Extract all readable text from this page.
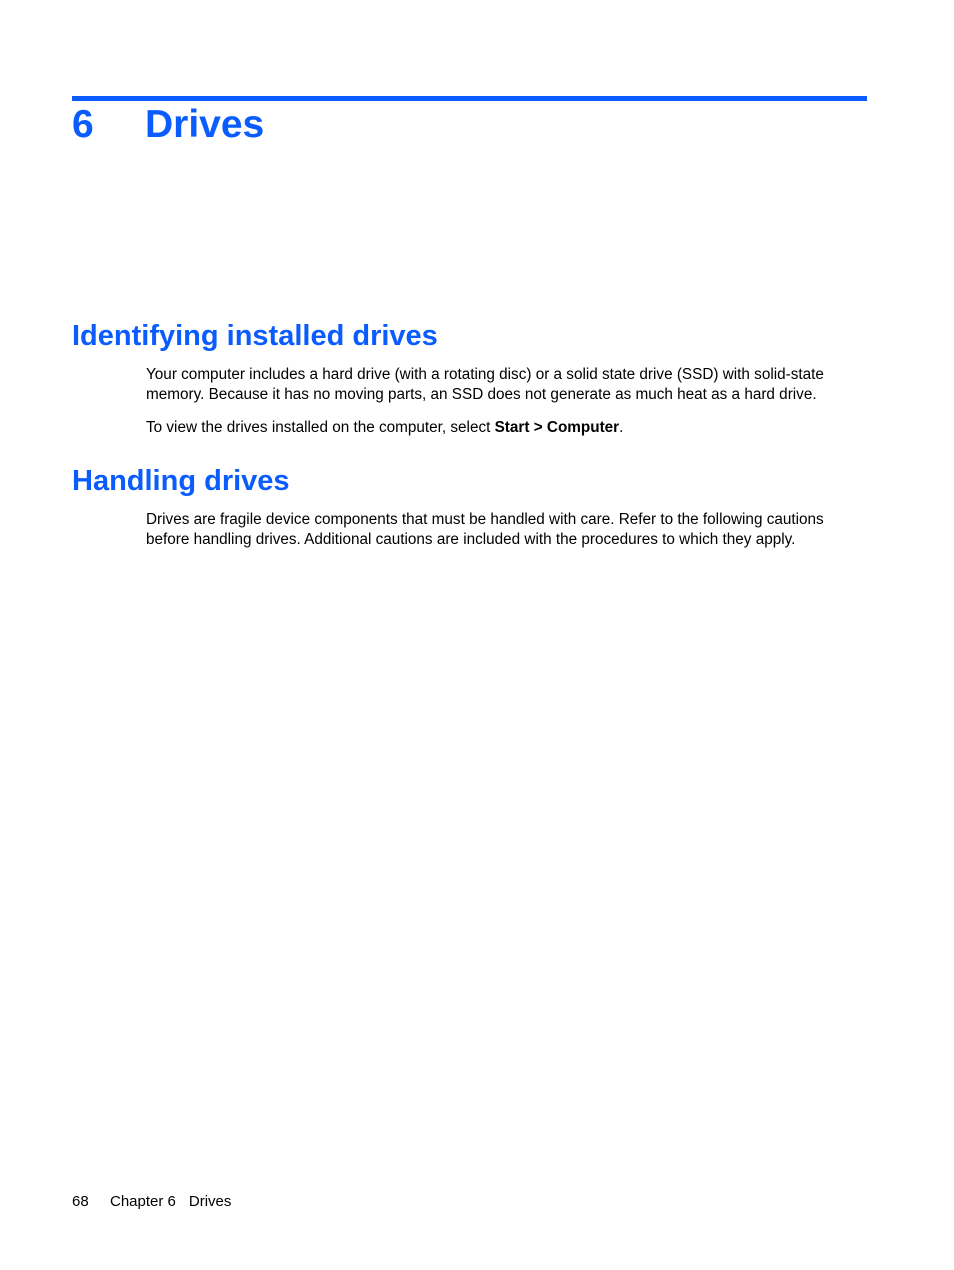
6 Drives
Identifying installed drives

Your computer includes a hard drive (with a rotating disc) or a solid state drive (SSD) with solid-state memory. Because it has no moving parts, an SSD does not generate as much heat as a hard drive.

To view the drives installed on the computer, select Start > Computer.

Handling drives

Drives are fragile device components that must be handled with care. Refer to the following cautions before handling drives. Additional cautions are included with the procedures to which they apply.

68 Chapter 6 Drives
